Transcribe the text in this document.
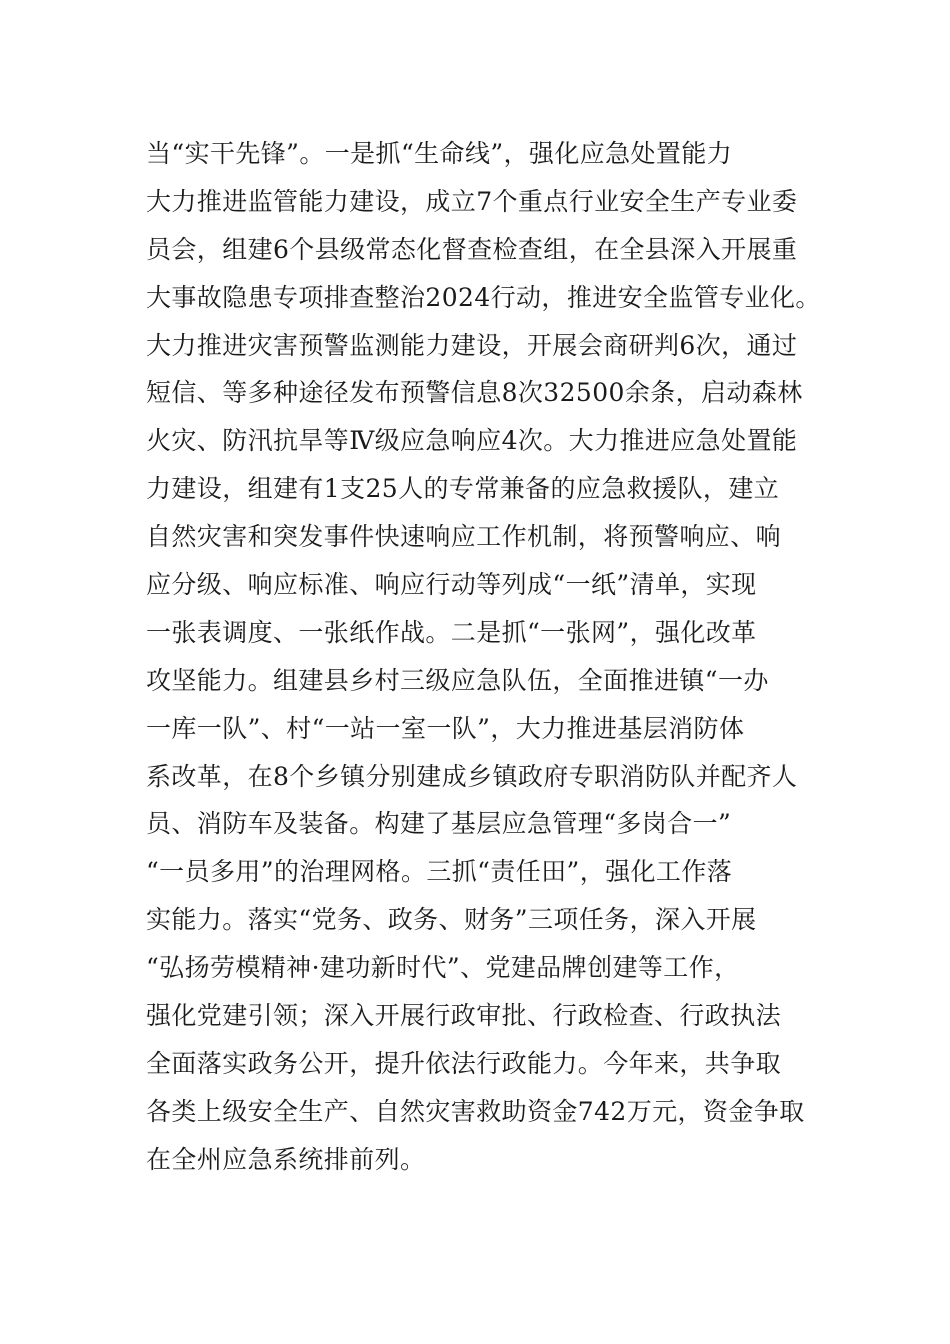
当“实干先锋”。一是抓“生命线”，强化应急处置能力
大力推进监管能力建设，成立7个重点行业安全生产专业委
员会，组建6个县级常态化督查检查组，在全县深入开展重
大事故隐患专项排查整治2024行动，推进安全监管专业化。
大力推进灾害预警监测能力建设，开展会商研判6次，通过
短信、等多种途径发布预警信息8次32500余条，启动森林
火灾、防汛抗旱等Ⅳ级应急响应4次。大力推进应急处置能
力建设，组建有1支25人的专常兼备的应急救援队，建立
自然灾害和突发事件快速响应工作机制，将预警响应、响
应分级、响应标准、响应行动等列成“一纸”清单，实现
一张表调度、一张纸作战。二是抓“一张网”，强化改革
攻坚能力。组建县乡村三级应急队伍，全面推进镇“一办
一库一队”、村“一站一室一队”，大力推进基层消防体
系改革，在8个乡镇分别建成乡镇政府专职消防队并配齐人
员、消防车及装备。构建了基层应急管理“多岗合一”
“一员多用”的治理网格。三抓“责任田”，强化工作落
实能力。落实“党务、政务、财务”三项任务，深入开展
“弘扬劳模精神·建功新时代”、党建品牌创建等工作，
强化党建引领；深入开展行政审批、行政检查、行政执法
全面落实政务公开，提升依法行政能力。今年来，共争取
各类上级安全生产、自然灾害救助资金742万元，资金争取
在全州应急系统排前列。
